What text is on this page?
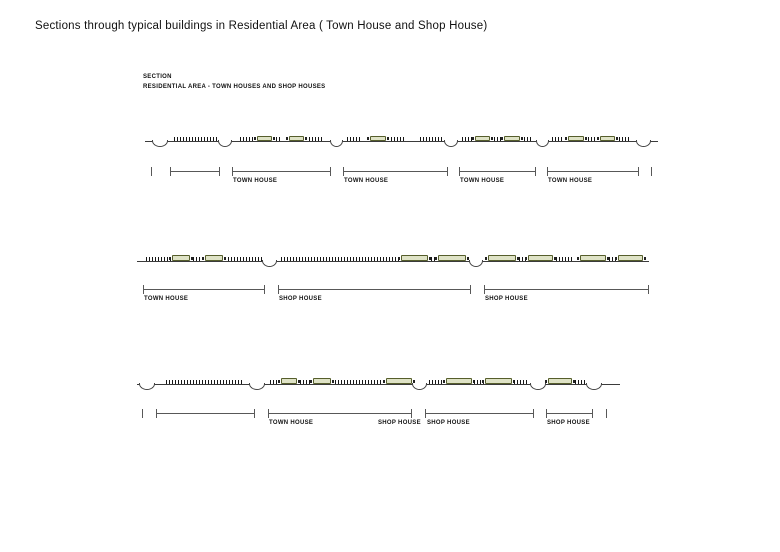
Sections through typical buildings in Residential Area ( Town House and Shop House)
SECTION
RESIDENTIAL AREA - TOWN HOUSES AND SHOP HOUSES
TOWN HOUSE	TOWN HOUSE	TOWN HOUSE	TOWN HOUSE
TOWN HOUSE	SHOP HOUSE	SHOP HOUSE
TOWN HOUSE	SHOP HOUSE SHOP HOUSE	SHOP HOUSE
